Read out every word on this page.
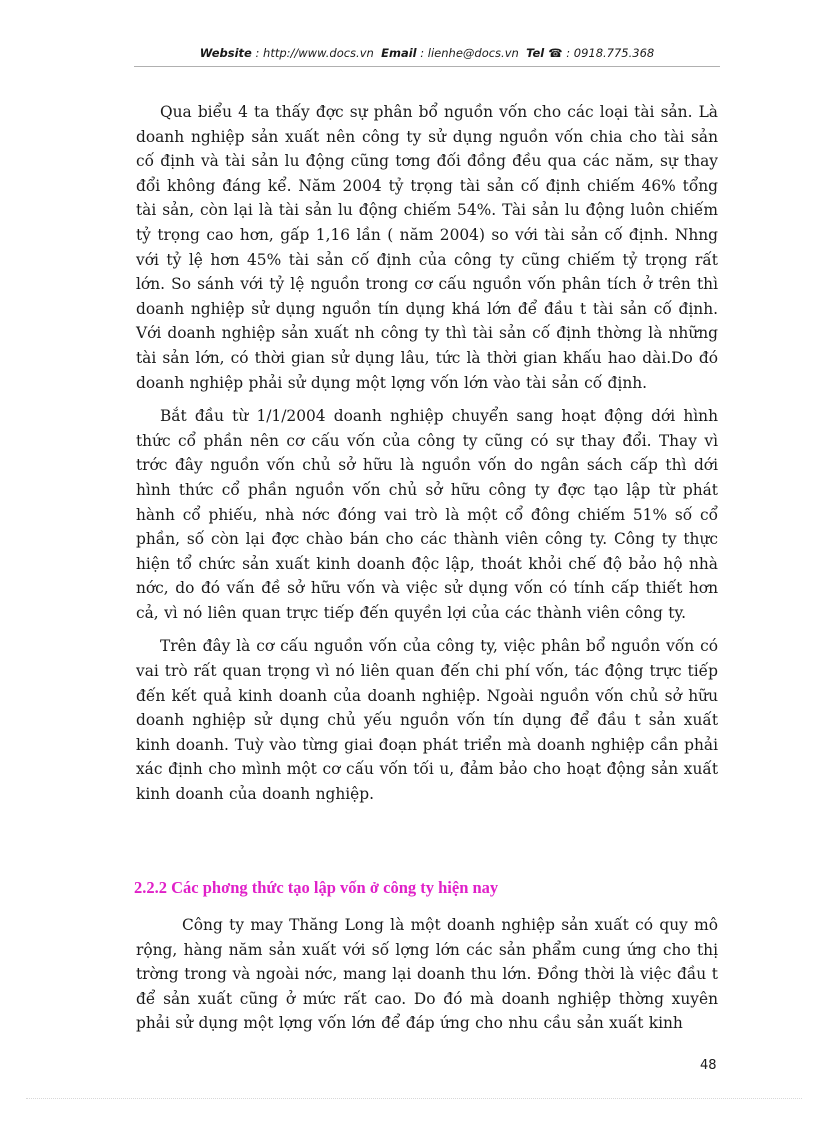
Website : http://www.docs.vn Email : lienhe@docs.vn Tel ☎ : 0918.775.368

Qua biểu 4 ta thấy đợc sự phân bổ nguồn vốn cho các loại tài sản. Là doanh nghiệp sản xuất nên công ty sử dụng nguồn vốn chia cho tài sản cố định và tài sản lu động cũng tơng đối đồng đều qua các năm, sự thay đổi không đáng kể. Năm 2004 tỷ trọng tài sản cố định chiếm 46% tổng tài sản, còn lại là tài sản lu động chiếm 54%. Tài sản lu động luôn chiếm tỷ trọng cao hơn, gấp 1,16 lần ( năm 2004) so với tài sản cố định. Nhng với tỷ lệ hơn 45% tài sản cố định của công ty cũng chiếm tỷ trọng rất lớn. So sánh với tỷ lệ nguồn trong cơ cấu nguồn vốn phân tích ở trên thì doanh nghiệp sử dụng nguồn tín dụng khá lớn để đầu t tài sản cố định. Với doanh nghiệp sản xuất nh công ty thì tài sản cố định thờng là những tài sản lớn, có thời gian sử dụng lâu, tức là thời gian khấu hao dài.Do đó doanh nghiệp phải sử dụng một lợng vốn lớn vào tài sản cố định.

Bắt đầu từ 1/1/2004 doanh nghiệp chuyển sang hoạt động dới hình thức cổ phần nên cơ cấu vốn của công ty cũng có sự thay đổi. Thay vì trớc đây nguồn vốn chủ sở hữu là nguồn vốn do ngân sách cấp thì dới hình thức cổ phần nguồn vốn chủ sở hữu công ty đợc tạo lập từ phát hành cổ phiếu, nhà nớc đóng vai trò là một cổ đông chiếm 51% số cổ phần, số còn lại đợc chào bán cho các thành viên công ty. Công ty thực hiện tổ chức sản xuất kinh doanh độc lập, thoát khỏi chế độ bảo hộ nhà nớc, do đó vấn đề sở hữu vốn và việc sử dụng vốn có tính cấp thiết hơn cả, vì nó liên quan trực tiếp đến quyền lợi của các thành viên công ty.

Trên đây là cơ cấu nguồn vốn của công ty, việc phân bổ nguồn vốn có vai trò rất quan trọng vì nó liên quan đến chi phí vốn, tác động trực tiếp đến kết quả kinh doanh của doanh nghiệp. Ngoài nguồn vốn chủ sở hữu doanh nghiệp sử dụng chủ yếu nguồn vốn tín dụng để đầu t sản xuất kinh doanh. Tuỳ vào từng giai đoạn phát triển mà doanh nghiệp cần phải xác định cho mình một cơ cấu vốn tối u, đảm bảo cho hoạt động sản xuất kinh doanh của doanh nghiệp.

2.2.2 Các phơng thức tạo lập vốn ở công ty hiện nay

Công ty may Thăng Long là một doanh nghiệp sản xuất có quy mô rộng, hàng năm sản xuất với số lợng lớn các sản phẩm cung ứng cho thị trờng trong và ngoài nớc, mang lại doanh thu lớn. Đồng thời là việc đầu t để sản xuất cũng ở mức rất cao. Do đó mà doanh nghiệp thờng xuyên phải sử dụng một lợng vốn lớn để đáp ứng cho nhu cầu sản xuất kinh

48
